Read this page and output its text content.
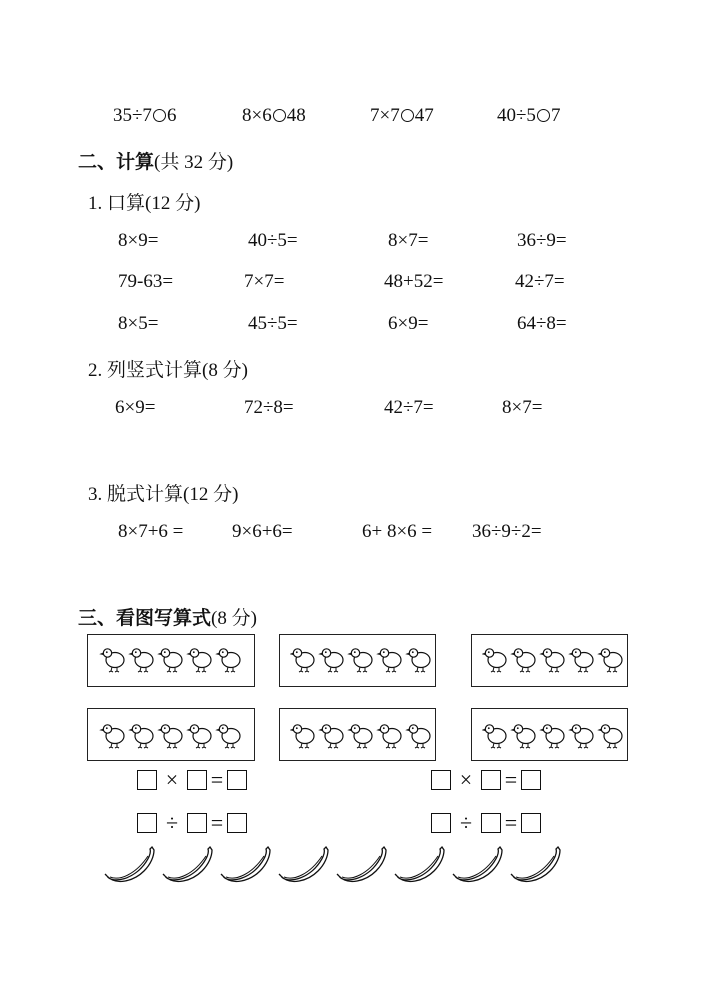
35÷7 6	8×6 48	7×7 47	40÷5 7
二、计算(共 32 分)
1. 口算(12 分)
8×9=	40÷5=	8×7=	36÷9=
79-63=	7×7=	48+52=	42÷7=
8×5=	45÷5=	6×9=	64÷8=
2. 列竖式计算(8 分)
6×9=	72÷8=	42÷7=	8×7=
3. 脱式计算(12 分)
8×7+6 =	9×6+6=	6+ 8×6 = 36÷9÷2=
三、看图写算式(8 分)
× =	× =
÷ =	÷ =
